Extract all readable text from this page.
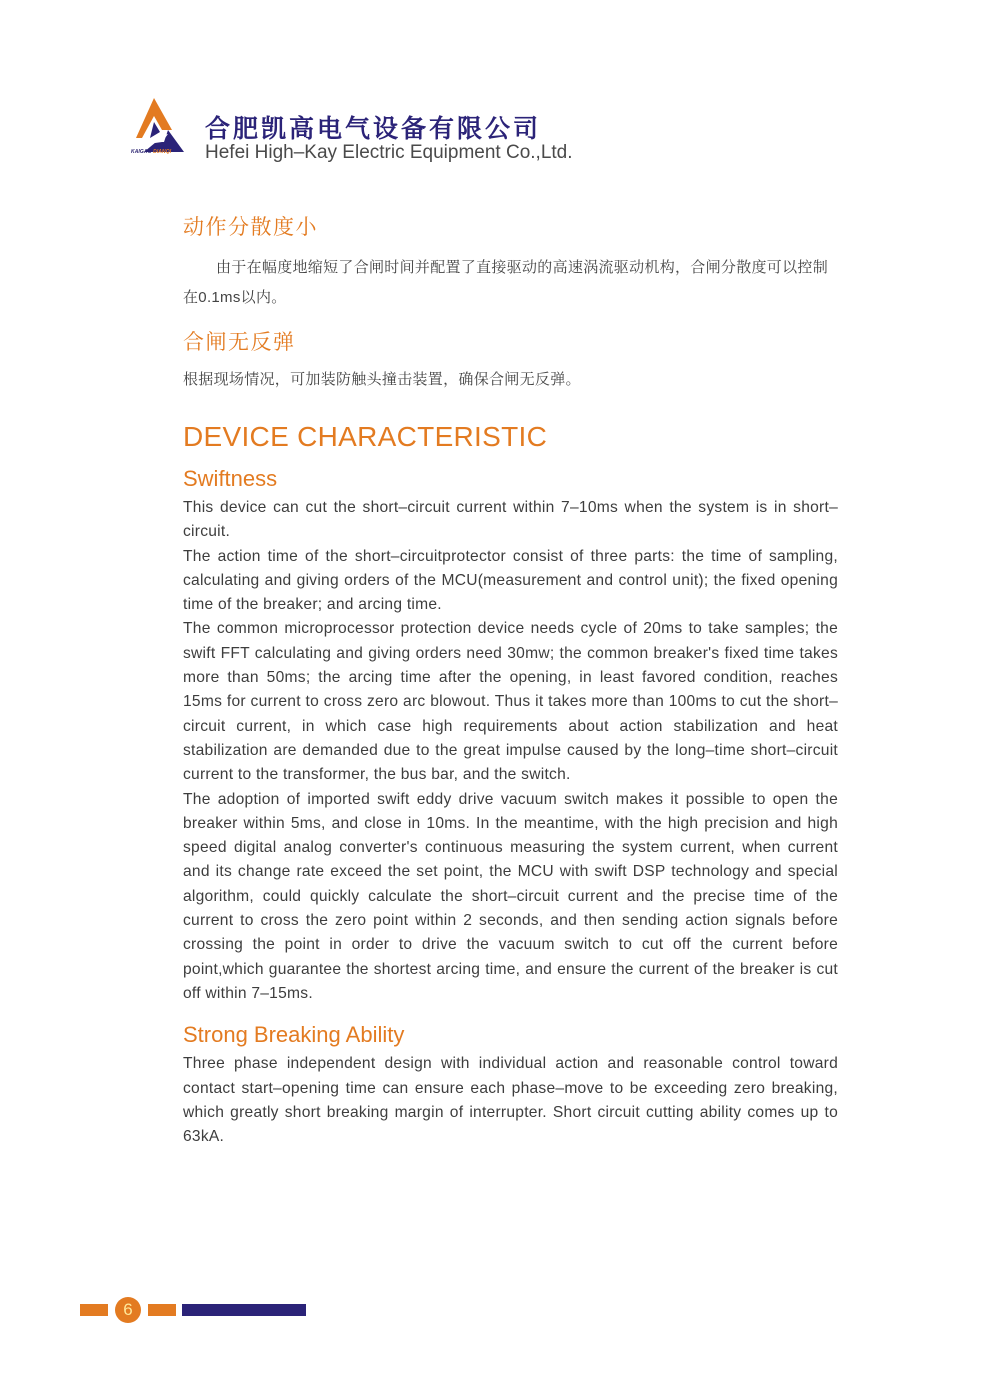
KAIGAO DIANQI
合肥凯高电气设备有限公司
Hefei High–Kay Electric Equipment Co.,Ltd.
动作分散度小

由于在幅度地缩短了合闸时间并配置了直接驱动的高速涡流驱动机构，合闸分散度可以控制在0.1ms以内。

合闸无反弹

根据现场情况，可加装防触头撞击装置，确保合闸无反弹。

DEVICE CHARACTERISTIC
Swiftness

This device can cut the short–circuit current within 7–10ms when the system is in short–circuit.

The action time of the short–circuitprotector consist of three parts: the time of sampling, calculating and giving orders of the MCU(measurement and control unit); the fixed opening time of the breaker; and arcing time.

The common microprocessor protection device needs cycle of 20ms to take samples; the swift FFT calculating and giving orders need 30mw; the common breaker's fixed time takes more than 50ms; the arcing time after the opening, in least favored condition, reaches 15ms for current to cross zero arc blowout. Thus it takes more than 100ms to cut the short–circuit current, in which case high requirements about action stabilization and heat stabilization are demanded due to the great impulse caused by the long–time short–circuit current to the transformer, the bus bar, and the switch.

The adoption of imported swift eddy drive vacuum switch makes it possible to open the breaker within 5ms, and close in 10ms. In the meantime, with the high precision and high speed digital analog converter's continuous measuring the system current, when current and its change rate exceed the set point, the MCU with swift DSP technology and special algorithm, could quickly calculate the short–circuit current and the precise time of the current to cross the zero point within 2 seconds, and then sending action signals before crossing the point in order to drive the vacuum switch to cut off the current before point,which guarantee the shortest arcing time, and ensure the current of the breaker is cut off within 7–15ms.

Strong Breaking Ability

Three phase independent design with individual action and reasonable control toward contact start–opening time can ensure each phase–move to be exceeding zero breaking, which greatly short breaking margin of interrupter. Short circuit cutting ability comes up to 63kA.

6
